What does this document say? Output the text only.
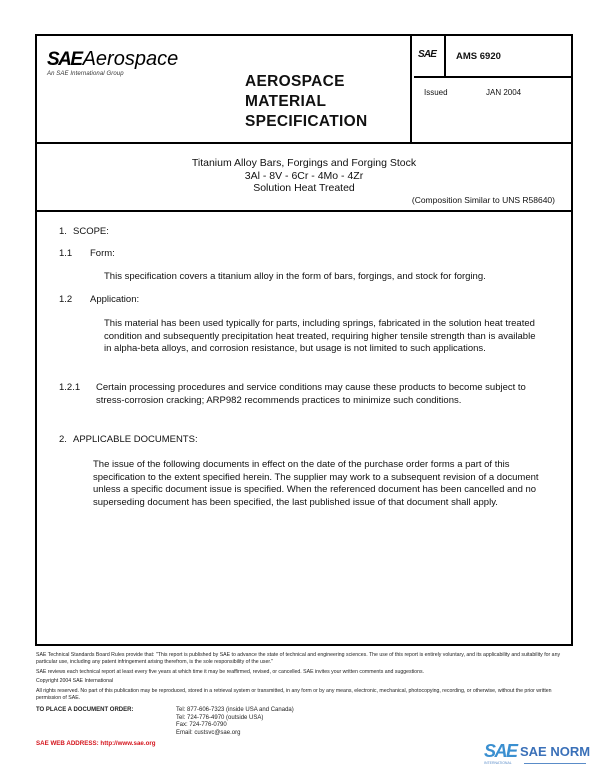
SAEAerospace
An SAE International Group	AEROSPACE
MATERIAL
SPECIFICATION
SAE AMS 6920
Issued	JAN 2004
Titanium Alloy Bars, Forgings and Forging Stock
3Al - 8V - 6Cr - 4Mo - 4Zr
Solution Heat Treated
(Composition Similar to UNS R58640)
1. SCOPE:
1.1 Form:
This specification covers a titanium alloy in the form of bars, forgings, and stock for forging.
1.2 Application:
This material has been used typically for parts, including springs, fabricated in the solution heat treated condition and subsequently precipitation heat treated, requiring higher tensile strength than is available in alpha-beta alloys, and corrosion resistance, but usage is not limited to such applications.
1.2.1 Certain processing procedures and service conditions may cause these products to become subject to stress-corrosion cracking; ARP982 recommends practices to minimize such conditions.
2. APPLICABLE DOCUMENTS:
The issue of the following documents in effect on the date of the purchase order forms a part of this specification to the extent specified herein. The supplier may work to a subsequent revision of a document unless a specific document issue is specified. When the referenced document has been cancelled and no superseding document has been specified, the last published issue of that document shall apply.

SAE Technical Standards Board Rules provide that: "This report is published by SAE to advance the state of technical and engineering sciences. The use of this report is entirely voluntary, and its applicability and suitability for any particular use, including any patent infringement arising therefrom, is the sole responsibility of the user."

SAE reviews each technical report at least every five years at which time it may be reaffirmed, revised, or cancelled. SAE invites your written comments and suggestions.

Copyright 2004 SAE International

All rights reserved. No part of this publication may be reproduced, stored in a retrieval system or transmitted, in any form or by any means, electronic, mechanical, photocopying, recording, or otherwise, without the prior written permission of SAE.

TO PLACE A DOCUMENT ORDER:	Tel: 877-606-7323 (inside USA and Canada)
Tel: 724-776-4970 (outside USA)
Fax: 724-776-0790
Email: custsvc@sae.org
SAE WEB ADDRESS: http://www.sae.org	SAE SAE NORM
INTERNATIONAL
